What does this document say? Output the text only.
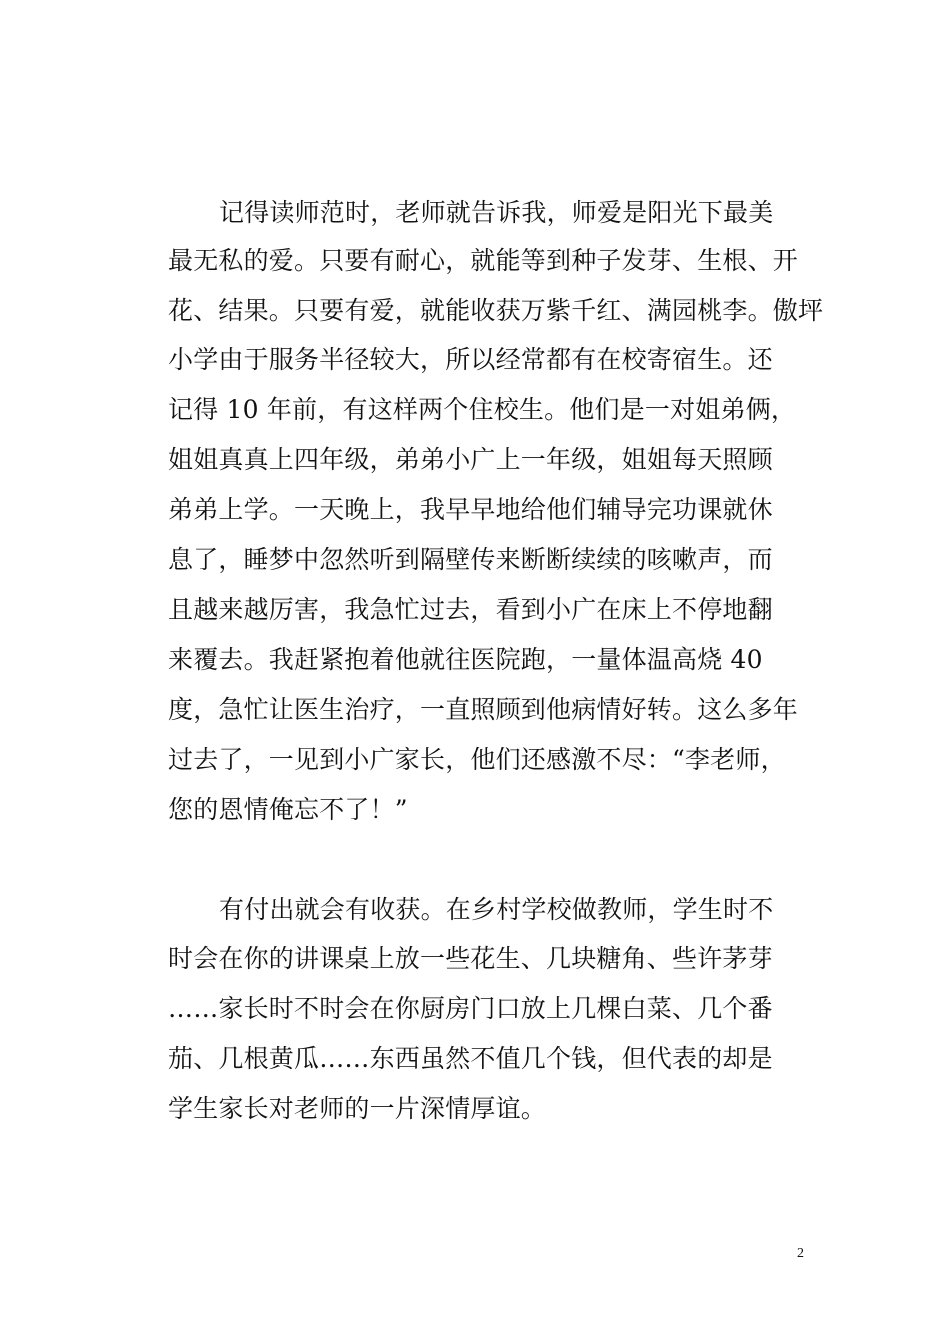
记得读师范时，老师就告诉我，师爱是阳光下最美
最无私的爱。只要有耐心，就能等到种子发芽、生根、开
花、结果。只要有爱，就能收获万紫千红、满园桃李。傲坪
小学由于服务半径较大，所以经常都有在校寄宿生。还
记得 10 年前，有这样两个住校生。他们是一对姐弟俩，
姐姐真真上四年级，弟弟小广上一年级，姐姐每天照顾
弟弟上学。一天晚上，我早早地给他们辅导完功课就休
息了，睡梦中忽然听到隔壁传来断断续续的咳嗽声，而
且越来越厉害，我急忙过去，看到小广在床上不停地翻
来覆去。我赶紧抱着他就往医院跑，一量体温高烧 40
度，急忙让医生治疗，一直照顾到他病情好转。这么多年
过去了，一见到小广家长，他们还感激不尽：“李老师，
您的恩情俺忘不了！”
有付出就会有收获。在乡村学校做教师，学生时不
时会在你的讲课桌上放一些花生、几块糖角、些许茅芽
……家长时不时会在你厨房门口放上几棵白菜、几个番
茄、几根黄瓜……东西虽然不值几个钱，但代表的却是
学生家长对老师的一片深情厚谊。
2
